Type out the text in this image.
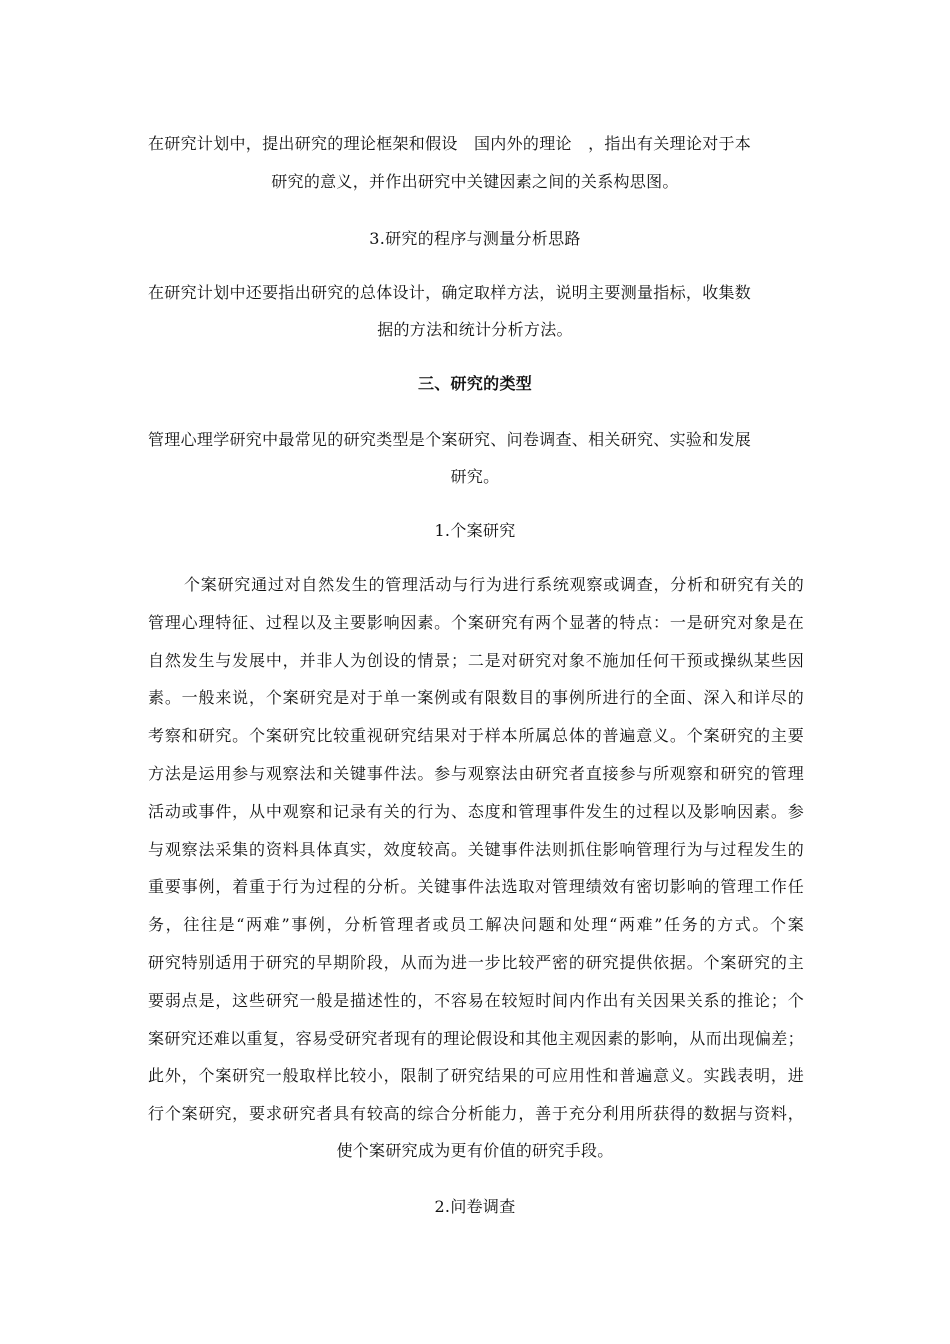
在研究计划中，提出研究的理论框架和假设　国内外的理论　，指出有关理论对于本
研究的意义，并作出研究中关键因素之间的关系构思图。
3.研究的程序与测量分析思路
在研究计划中还要指出研究的总体设计，确定取样方法，说明主要测量指标，收集数
据的方法和统计分析方法。
三、研究的类型
管理心理学研究中最常见的研究类型是个案研究、问卷调查、相关研究、实验和发展
研究。
1.个案研究
个案研究通过对自然发生的管理活动与行为进行系统观察或调查，分析和研究有关的
管理心理特征、过程以及主要影响因素。个案研究有两个显著的特点：一是研究对象是在
自然发生与发展中，并非人为创设的情景；二是对研究对象不施加任何干预或操纵某些因
素。一般来说，个案研究是对于单一案例或有限数目的事例所进行的全面、深入和详尽的
考察和研究。个案研究比较重视研究结果对于样本所属总体的普遍意义。个案研究的主要
方法是运用参与观察法和关键事件法。参与观察法由研究者直接参与所观察和研究的管理
活动或事件，从中观察和记录有关的行为、态度和管理事件发生的过程以及影响因素。参
与观察法采集的资料具体真实，效度较高。关键事件法则抓住影响管理行为与过程发生的
重要事例，着重于行为过程的分析。关键事件法选取对管理绩效有密切影响的管理工作任
务，往往是“两难”事例，分析管理者或员工解决问题和处理“两难”任务的方式。个案
研究特别适用于研究的早期阶段，从而为进一步比较严密的研究提供依据。个案研究的主
要弱点是，这些研究一般是描述性的，不容易在较短时间内作出有关因果关系的推论；个
案研究还难以重复，容易受研究者现有的理论假设和其他主观因素的影响，从而出现偏差；
此外，个案研究一般取样比较小，限制了研究结果的可应用性和普遍意义。实践表明，进
行个案研究，要求研究者具有较高的综合分析能力，善于充分利用所获得的数据与资料，
使个案研究成为更有价值的研究手段。
2.问卷调查
